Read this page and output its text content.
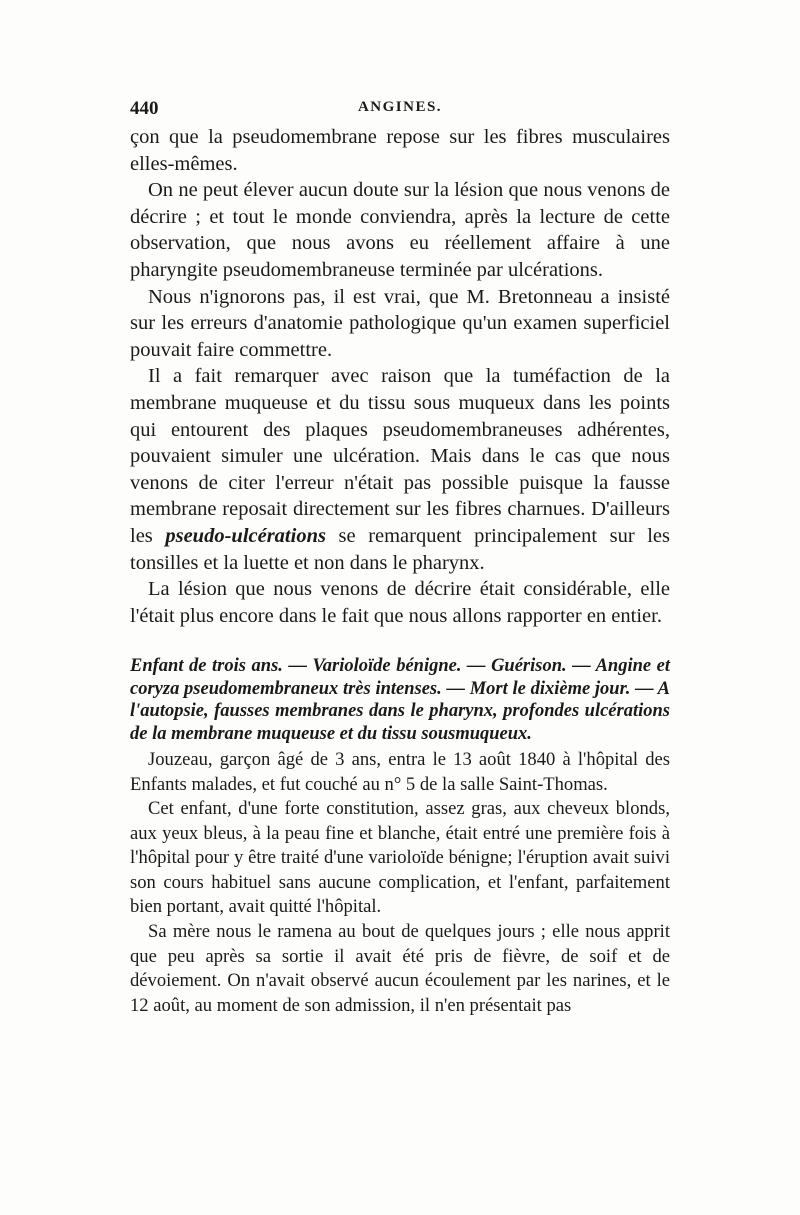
440	ANGINES.

çon que la pseudomembrane repose sur les fibres musculaires elles-mêmes.

On ne peut élever aucun doute sur la lésion que nous venons de décrire ; et tout le monde conviendra, après la lecture de cette observation, que nous avons eu réellement affaire à une pharyngite pseudomembraneuse terminée par ulcérations.

Nous n'ignorons pas, il est vrai, que M. Bretonneau a insisté sur les erreurs d'anatomie pathologique qu'un examen superficiel pouvait faire commettre.

Il a fait remarquer avec raison que la tuméfaction de la membrane muqueuse et du tissu sous muqueux dans les points qui entourent des plaques pseudomembraneuses adhérentes, pouvaient simuler une ulcération. Mais dans le cas que nous venons de citer l'erreur n'était pas possible puisque la fausse membrane reposait directement sur les fibres charnues. D'ailleurs les pseudo-ulcérations se remarquent principalement sur les tonsilles et la luette et non dans le pharynx.

La lésion que nous venons de décrire était considérable, elle l'était plus encore dans le fait que nous allons rapporter en entier.

Enfant de trois ans. — Varioloïde bénigne. — Guérison. — Angine et coryza pseudomembraneux très intenses. — Mort le dixième jour. — A l'autopsie, fausses membranes dans le pharynx, profondes ulcérations de la membrane muqueuse et du tissu sousmuqueux.

Jouzeau, garçon âgé de 3 ans, entra le 13 août 1840 à l'hôpital des Enfants malades, et fut couché au n° 5 de la salle Saint-Thomas.

Cet enfant, d'une forte constitution, assez gras, aux cheveux blonds, aux yeux bleus, à la peau fine et blanche, était entré une première fois à l'hôpital pour y être traité d'une varioloïde bénigne; l'éruption avait suivi son cours habituel sans aucune complication, et l'enfant, parfaitement bien portant, avait quitté l'hôpital.

Sa mère nous le ramena au bout de quelques jours ; elle nous apprit que peu après sa sortie il avait été pris de fièvre, de soif et de dévoiement. On n'avait observé aucun écoulement par les narines, et le 12 août, au moment de son admission, il n'en présentait pas
